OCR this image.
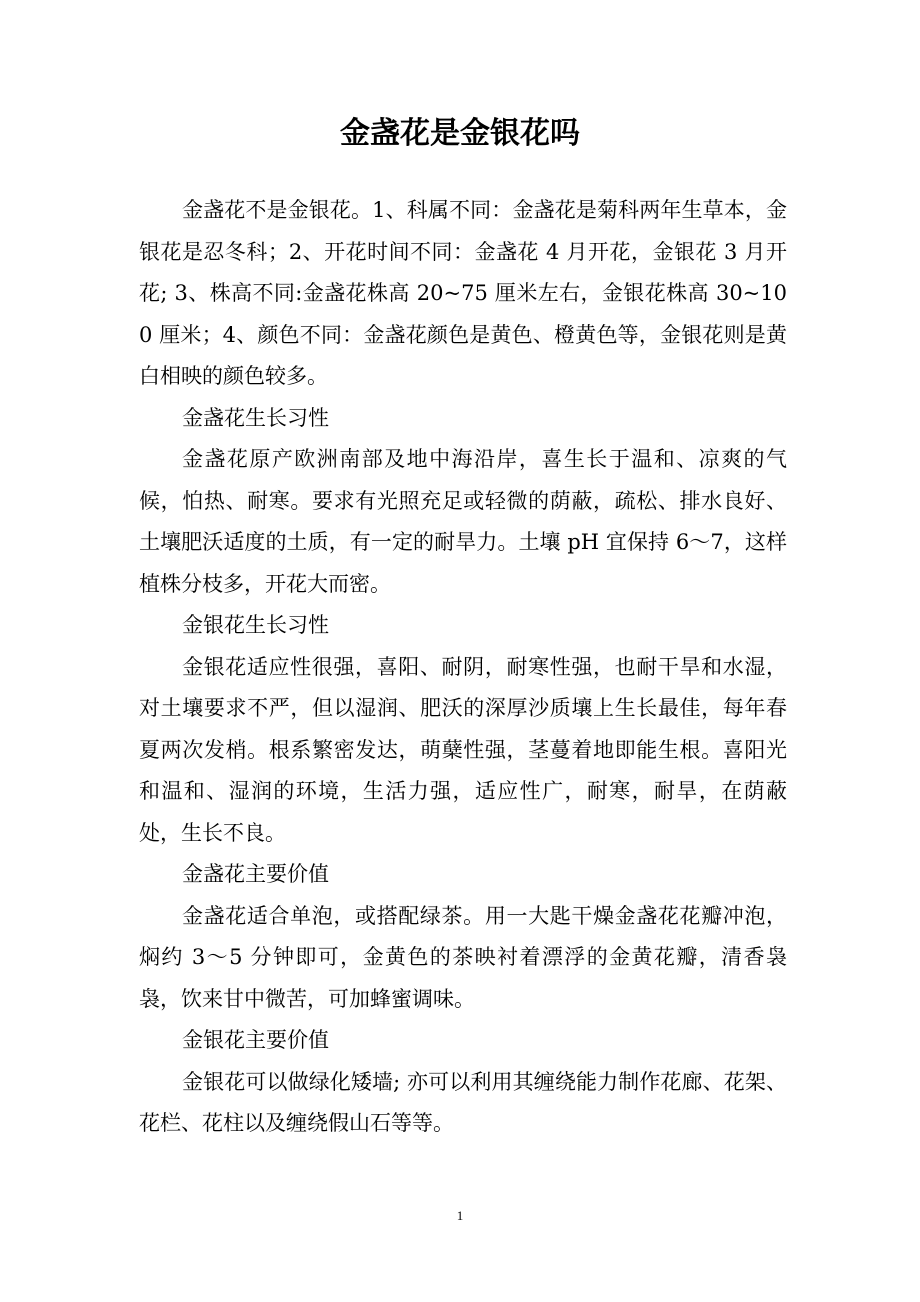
金盏花是金银花吗

金盏花不是金银花。1、科属不同：金盏花是菊科两年生草本，金银花是忍冬科；2、开花时间不同：金盏花 4 月开花，金银花 3 月开花; 3、株高不同:金盏花株高 20~75 厘米左右，金银花株高 30~100 厘米；4、颜色不同：金盏花颜色是黄色、橙黄色等，金银花则是黄白相映的颜色较多。

金盏花生长习性

金盏花原产欧洲南部及地中海沿岸，喜生长于温和、凉爽的气候，怕热、耐寒。要求有光照充足或轻微的荫蔽，疏松、排水良好、土壤肥沃适度的土质，有一定的耐旱力。土壤 pH 宜保持 6～7，这样植株分枝多，开花大而密。

金银花生长习性

金银花适应性很强，喜阳、耐阴，耐寒性强，也耐干旱和水湿，对土壤要求不严，但以湿润、肥沃的深厚沙质壤上生长最佳，每年春夏两次发梢。根系繁密发达，萌蘖性强，茎蔓着地即能生根。喜阳光和温和、湿润的环境，生活力强，适应性广，耐寒，耐旱，在荫蔽处，生长不良。

金盏花主要价值

金盏花适合单泡，或搭配绿茶。用一大匙干燥金盏花花瓣冲泡，焖约 3～5 分钟即可，金黄色的茶映衬着漂浮的金黄花瓣，清香袅袅，饮来甘中微苦，可加蜂蜜调味。

金银花主要价值

金银花可以做绿化矮墙; 亦可以利用其缠绕能力制作花廊、花架、花栏、花柱以及缠绕假山石等等。

1
